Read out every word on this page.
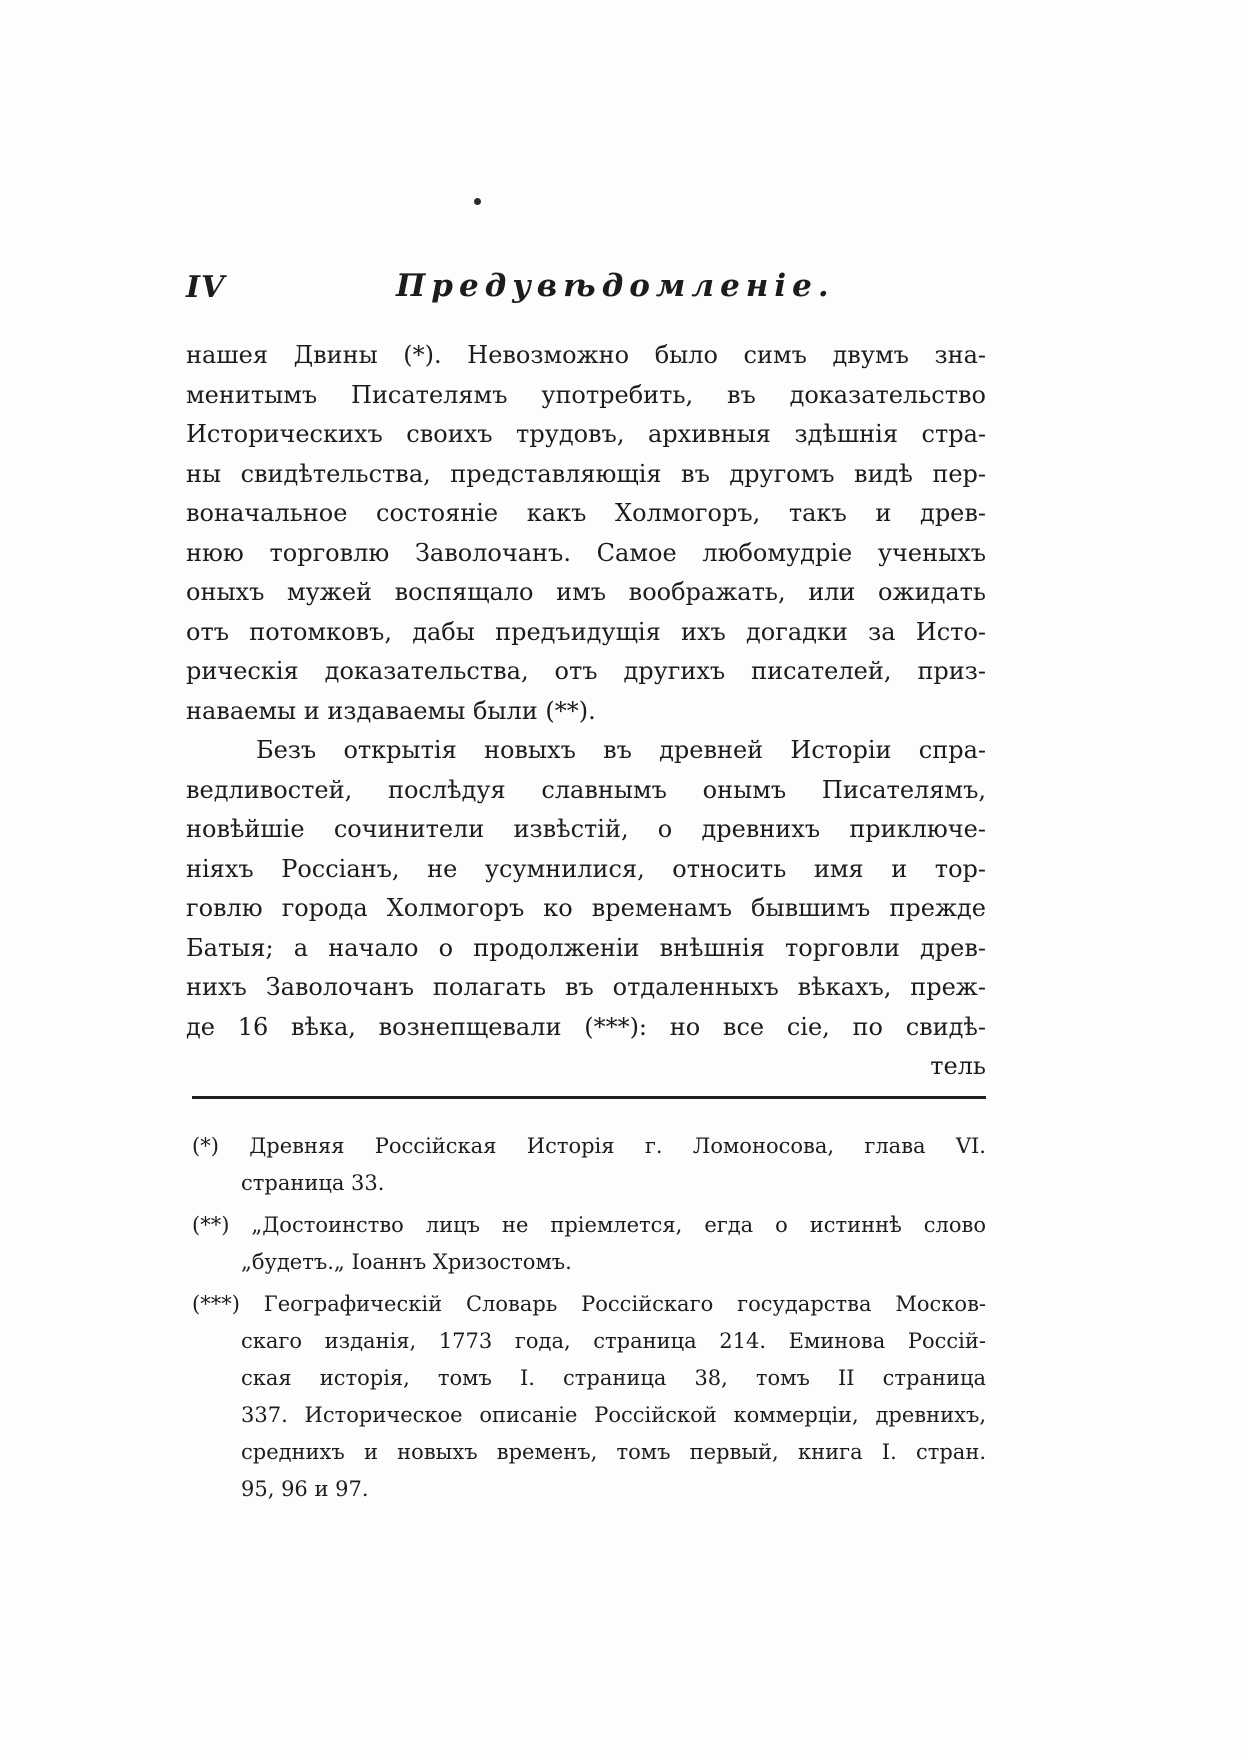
IV	Предувѣдомленіе.
нашея Двины (*). Невозможно было симъ двумъ зна-
менитымъ Писателямъ употребить, въ доказательство
Историческихъ своихъ трудовъ, архивныя здѣшнія стра-
ны свидѣтельства, представляющія въ другомъ видѣ пер-
воначальное состояніе какъ Холмогоръ, такъ и древ-
нюю торговлю Заволочанъ. Самое любомудріе ученыхъ
оныхъ мужей воспящало имъ воображать, или ожидать
отъ потомковъ, дабы предъидущія ихъ догадки за Исто-
рическія доказательства, отъ другихъ писателей, приз-
наваемы и издаваемы были (**).
Безъ открытія новыхъ въ древней Исторіи спра-
ведливостей, послѣдуя славнымъ онымъ Писателямъ,
новѣйшіе сочинители извѣстій, о древнихъ приключе-
ніяхъ Россіанъ, не усумнилися, относить имя и тор-
говлю города Холмогоръ ко временамъ бывшимъ прежде
Батыя; а начало о продолженіи внѣшнія торговли древ-
нихъ Заволочанъ полагать въ отдаленныхъ вѣкахъ, преж-
де 16 вѣка, вознепщевали (***): но все сіе, по свидѣ-
тель
(*) Древняя Россійская Исторія г. Ломоносова, глава VI.
страница 33.
(**) „Достоинство лицъ не пріемлется, егда о истиннѣ слово
„будетъ.„ Іоаннъ Хризостомъ.
(***) Географическій Словарь Россійскаго государства Москов-
скаго изданія, 1773 года, страница 214. Еминова Россій-
ская исторія, томъ I. страница 38, томъ II страница
337. Историческое описаніе Россійской коммерціи, древнихъ,
среднихъ и новыхъ временъ, томъ первый, книга I. стран.
95, 96 и 97.
